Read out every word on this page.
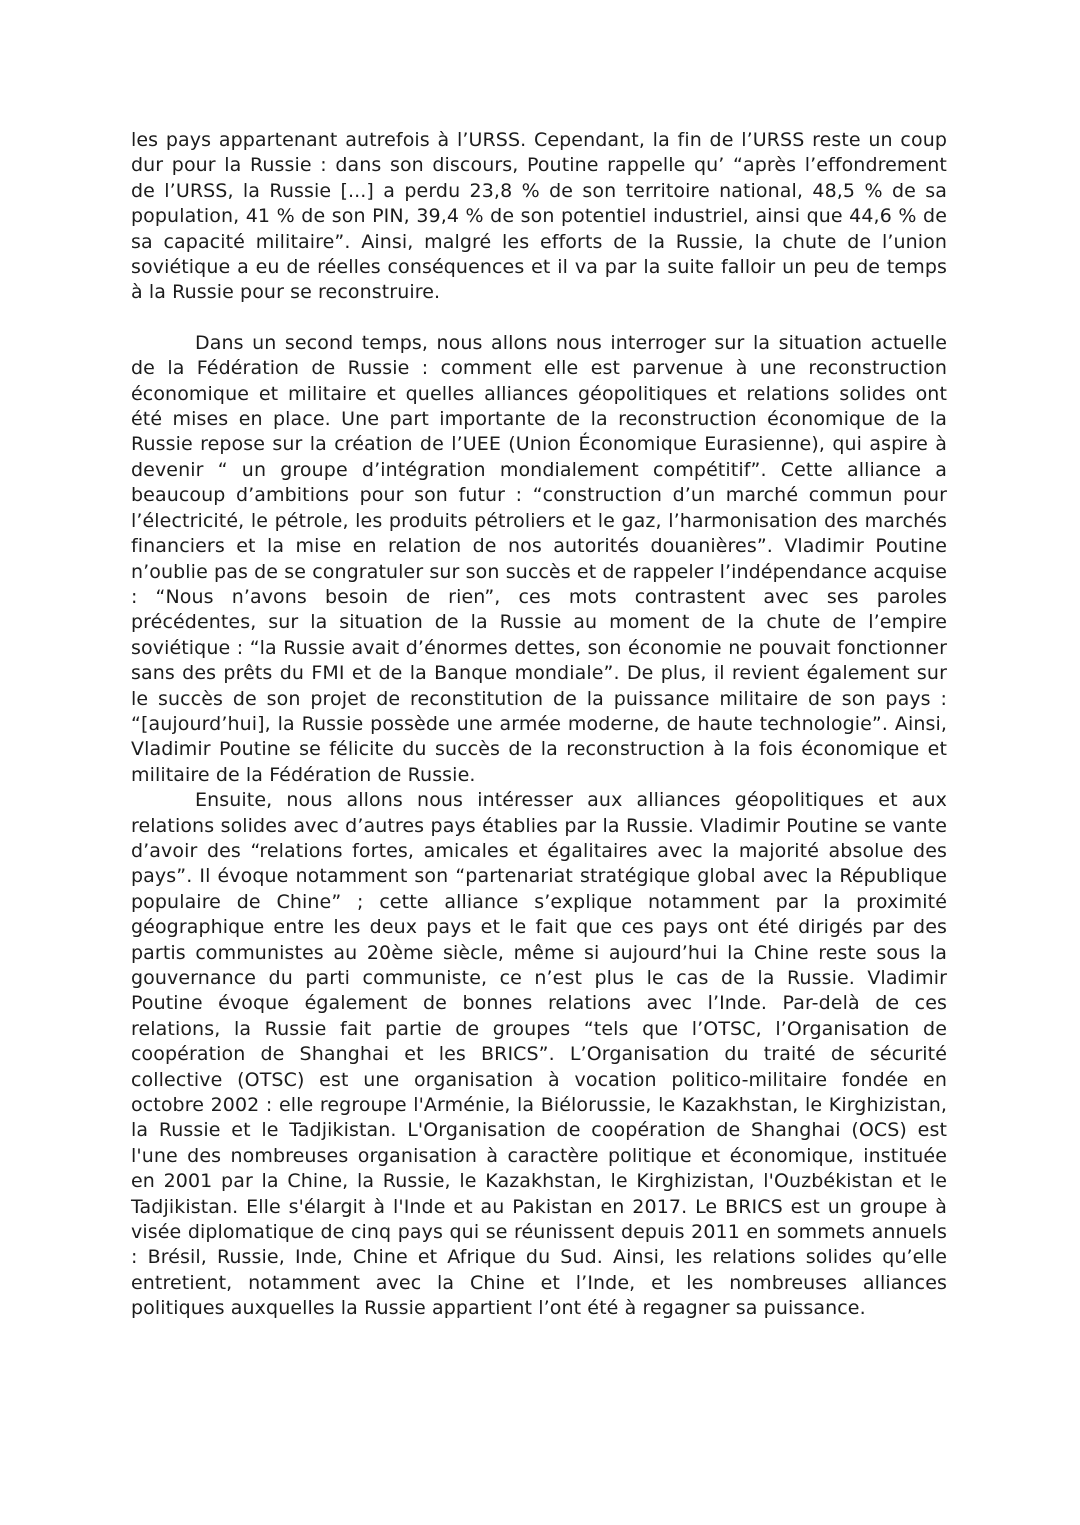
les pays appartenant autrefois à l’URSS. Cependant, la fin de l’URSS reste un coup dur pour la Russie : dans son discours, Poutine rappelle qu’ “après l’effondrement de l’URSS, la Russie [...] a perdu 23,8 % de son territoire national, 48,5 % de sa population, 41 % de son PIN, 39,4 % de son potentiel industriel, ainsi que 44,6 % de sa capacité militaire”. Ainsi, malgré les efforts de la Russie, la chute de l’union soviétique a eu de réelles conséquences et il va par la suite falloir un peu de temps à la Russie pour se reconstruire.

Dans un second temps, nous allons nous interroger sur la situation actuelle de la Fédération de Russie : comment elle est parvenue à une reconstruction économique et militaire et quelles alliances géopolitiques et relations solides ont été mises en place. Une part importante de la reconstruction économique de la Russie repose sur la création de l’UEE (Union Économique Eurasienne), qui aspire à devenir “ un groupe d’intégration mondialement compétitif”. Cette alliance a beaucoup d’ambitions pour son futur : “construction d’un marché commun pour l’électricité, le pétrole, les produits pétroliers et le gaz, l’harmonisation des marchés financiers et la mise en relation de nos autorités douanières”. Vladimir Poutine n’oublie pas de se congratuler sur son succès et de rappeler l’indépendance acquise : “Nous n’avons besoin de rien”, ces mots contrastent avec ses paroles précédentes, sur la situation de la Russie au moment de la chute de l’empire soviétique : “la Russie avait d’énormes dettes, son économie ne pouvait fonctionner sans des prêts du FMI et de la Banque mondiale”. De plus, il revient également sur le succès de son projet de reconstitution de la puissance militaire de son pays : “[aujourd’hui], la Russie possède une armée moderne, de haute technologie”. Ainsi, Vladimir Poutine se félicite du succès de la reconstruction à la fois économique et militaire de la Fédération de Russie.

Ensuite, nous allons nous intéresser aux alliances géopolitiques et aux relations solides avec d’autres pays établies par la Russie. Vladimir Poutine se vante d’avoir des “relations fortes, amicales et égalitaires avec la majorité absolue des pays”. Il évoque notamment son “partenariat stratégique global avec la République populaire de Chine” ; cette alliance s’explique notamment par la proximité géographique entre les deux pays et le fait que ces pays ont été dirigés par des partis communistes au 20ème siècle, même si aujourd’hui la Chine reste sous la gouvernance du parti communiste, ce n’est plus le cas de la Russie. Vladimir Poutine évoque également de bonnes relations avec l’Inde. Par-delà de ces relations, la Russie fait partie de groupes “tels que l’OTSC, l’Organisation de coopération de Shanghai et les BRICS”. L’Organisation du traité de sécurité collective (OTSC) est une organisation à vocation politico-militaire fondée en octobre 2002 : elle regroupe l'Arménie, la Biélorussie, le Kazakhstan, le Kirghizistan, la Russie et le Tadjikistan. L'Organisation de coopération de Shanghai (OCS) est l'une des nombreuses organisation à caractère politique et économique, instituée en 2001 par la Chine, la Russie, le Kazakhstan, le Kirghizistan, l'Ouzbékistan et le Tadjikistan. Elle s'élargit à l'Inde et au Pakistan en 2017. Le BRICS est un groupe à visée diplomatique de cinq pays qui se réunissent depuis 2011 en sommets annuels : Brésil, Russie, Inde, Chine et Afrique du Sud. Ainsi, les relations solides qu’elle entretient, notamment avec la Chine et l’Inde, et les nombreuses alliances politiques auxquelles la Russie appartient l’ont été à regagner sa puissance.
